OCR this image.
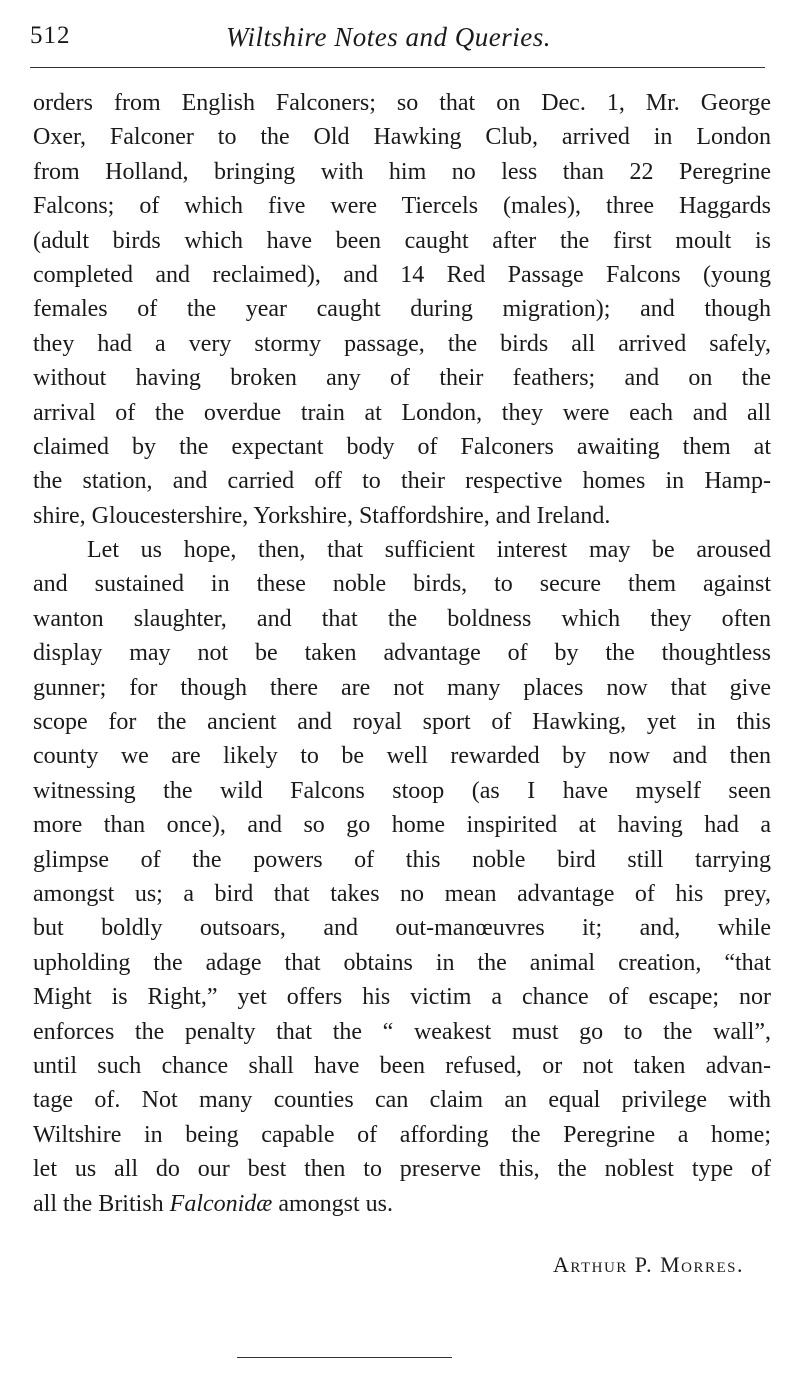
512	Wiltshire Notes and Queries.
orders from English Falconers; so that on Dec. 1, Mr. George
Oxer, Falconer to the Old Hawking Club, arrived in London
from Holland, bringing with him no less than 22 Peregrine
Falcons; of which five were Tiercels (males), three Haggards
(adult birds which have been caught after the first moult is
completed and reclaimed), and 14 Red Passage Falcons (young
females of the year caught during migration); and though
they had a very stormy passage, the birds all arrived safely,
without having broken any of their feathers; and on the
arrival of the overdue train at London, they were each and all
claimed by the expectant body of Falconers awaiting them at
the station, and carried off to their respective homes in Hamp-
shire, Gloucestershire, Yorkshire, Staffordshire, and Ireland.
Let us hope, then, that sufficient interest may be aroused
and sustained in these noble birds, to secure them against
wanton slaughter, and that the boldness which they often
display may not be taken advantage of by the thoughtless
gunner; for though there are not many places now that give
scope for the ancient and royal sport of Hawking, yet in this
county we are likely to be well rewarded by now and then
witnessing the wild Falcons stoop (as I have myself seen
more than once), and so go home inspirited at having had a
glimpse of the powers of this noble bird still tarrying
amongst us; a bird that takes no mean advantage of his prey,
but boldly outsoars, and out-manœuvres it; and, while
upholding the adage that obtains in the animal creation, “that
Might is Right,” yet offers his victim a chance of escape; nor
enforces the penalty that the “ weakest must go to the wall”,
until such chance shall have been refused, or not taken advan-
tage of. Not many counties can claim an equal privilege with
Wiltshire in being capable of affording the Peregrine a home;
let us all do our best then to preserve this, the noblest type of
all the British Falconidæ amongst us.
Arthur P. Morres.
